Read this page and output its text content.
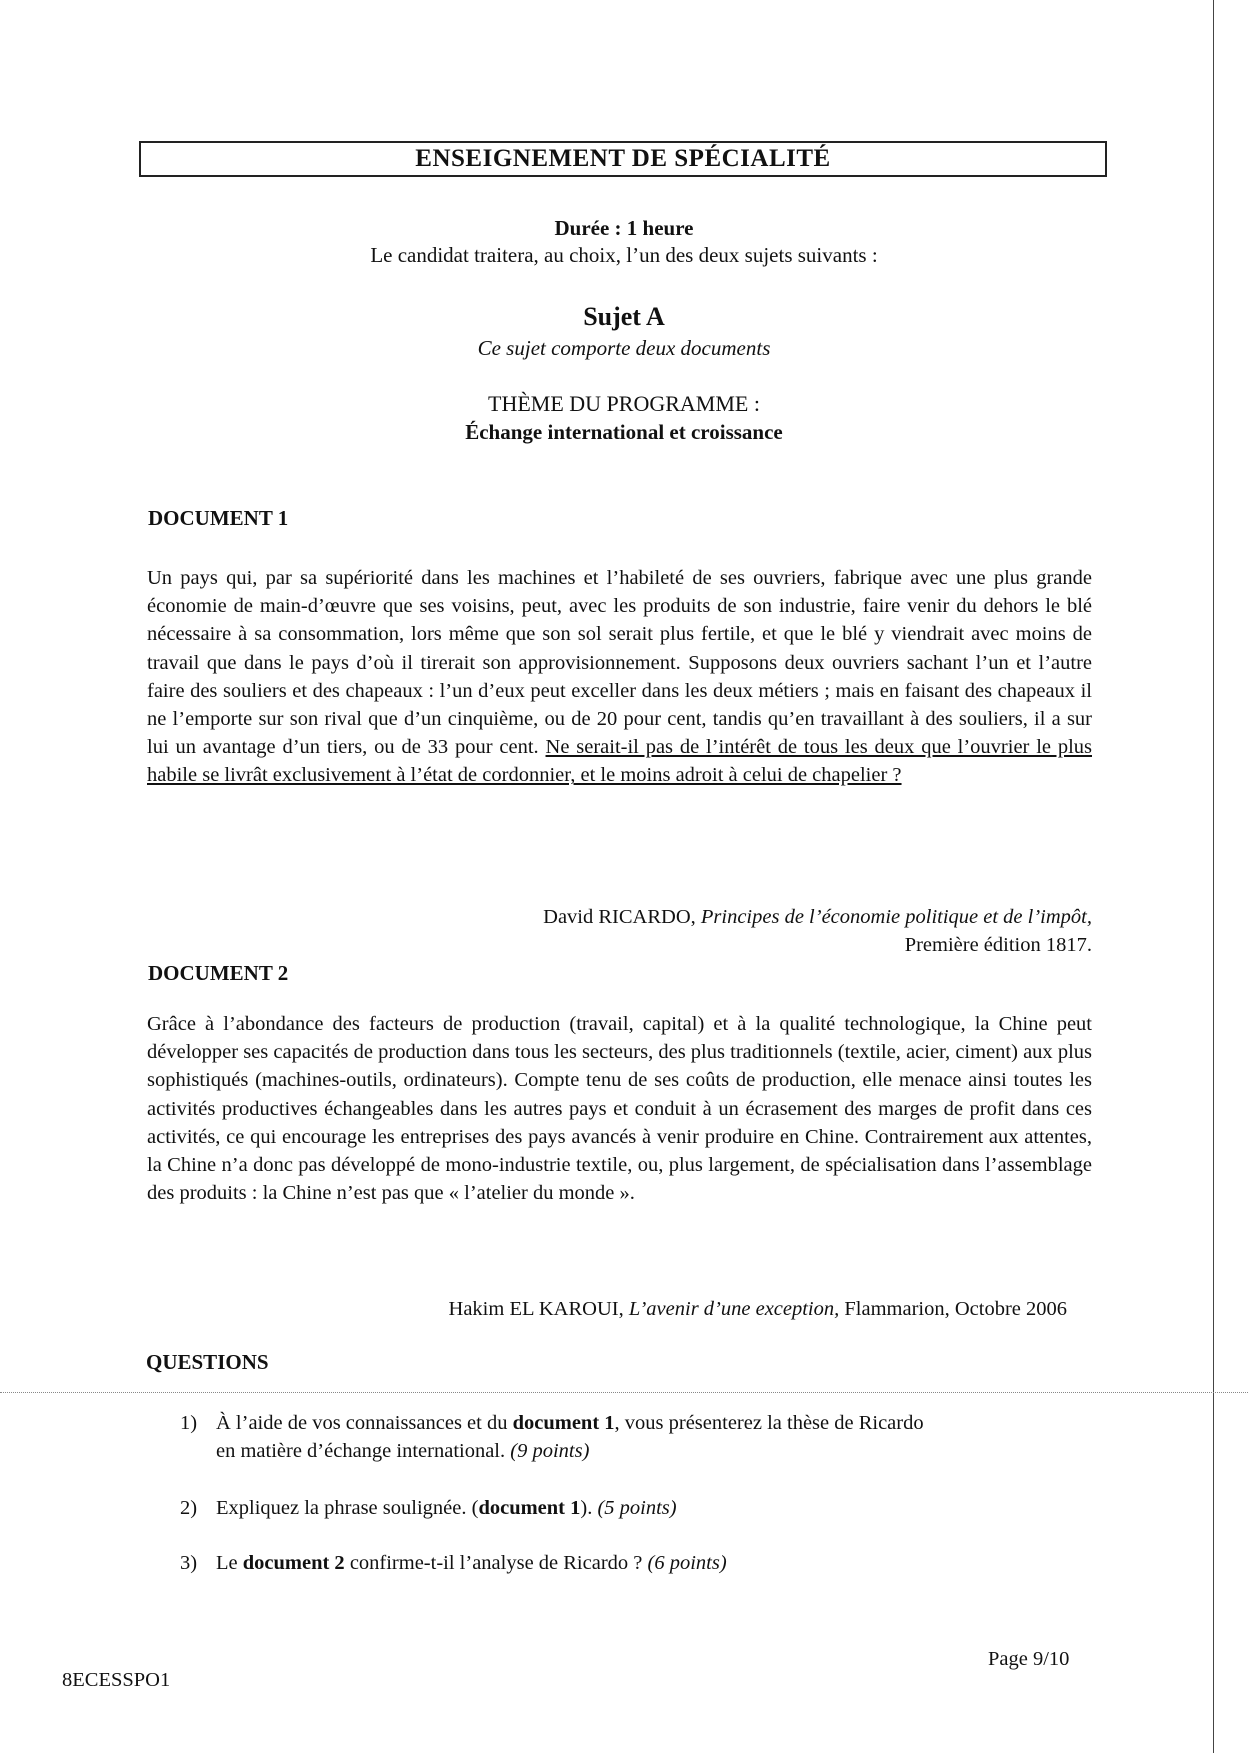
ENSEIGNEMENT DE SPÉCIALITÉ
Durée : 1 heure
Le candidat traitera, au choix, l’un des deux sujets suivants :
Sujet A
Ce sujet comporte deux documents
THÈME DU PROGRAMME :
Échange international et croissance
DOCUMENT 1
Un pays qui, par sa supériorité dans les machines et l’habileté de ses ouvriers, fabrique avec une plus grande économie de main-d’œuvre que ses voisins, peut, avec les produits de son industrie, faire venir du dehors le blé nécessaire à sa consommation, lors même que son sol serait plus fertile, et que le blé y viendrait avec moins de travail que dans le pays d’où il tirerait son approvisionnement. Supposons deux ouvriers sachant l’un et l’autre faire des souliers et des chapeaux : l’un d’eux peut exceller dans les deux métiers ; mais en faisant des chapeaux il ne l’emporte sur son rival que d’un cinquième, ou de 20 pour cent, tandis qu’en travaillant à des souliers, il a sur lui un avantage d’un tiers, ou de 33 pour cent. Ne serait-il pas de l’intérêt de tous les deux que l’ouvrier le plus habile se livrât exclusivement à l’état de cordonnier, et le moins adroit à celui de chapelier ?
David RICARDO, Principes de l’économie politique et de l’impôt,
Première édition 1817.
DOCUMENT 2
Grâce à l’abondance des facteurs de production (travail, capital) et à la qualité technologique, la Chine peut développer ses capacités de production dans tous les secteurs, des plus traditionnels (textile, acier, ciment) aux plus sophistiqués (machines-outils, ordinateurs). Compte tenu de ses coûts de production, elle menace ainsi toutes les activités productives échangeables dans les autres pays et conduit à un écrasement des marges de profit dans ces activités, ce qui encourage les entreprises des pays avancés à venir produire en Chine. Contrairement aux attentes, la Chine n’a donc pas développé de mono-industrie textile, ou, plus largement, de spécialisation dans l’assemblage des produits : la Chine n’est pas que « l’atelier du monde ».
Hakim EL KAROUI, L’avenir d’une exception, Flammarion, Octobre 2006
QUESTIONS
1) À l’aide de vos connaissances et du document 1, vous présenterez la thèse de Ricardo
en matière d’échange international. (9 points)
2) Expliquez la phrase soulignée. (document 1). (5 points)
3) Le document 2 confirme-t-il l’analyse de Ricardo ? (6 points)
Page 9/10
8ECESSPO1
